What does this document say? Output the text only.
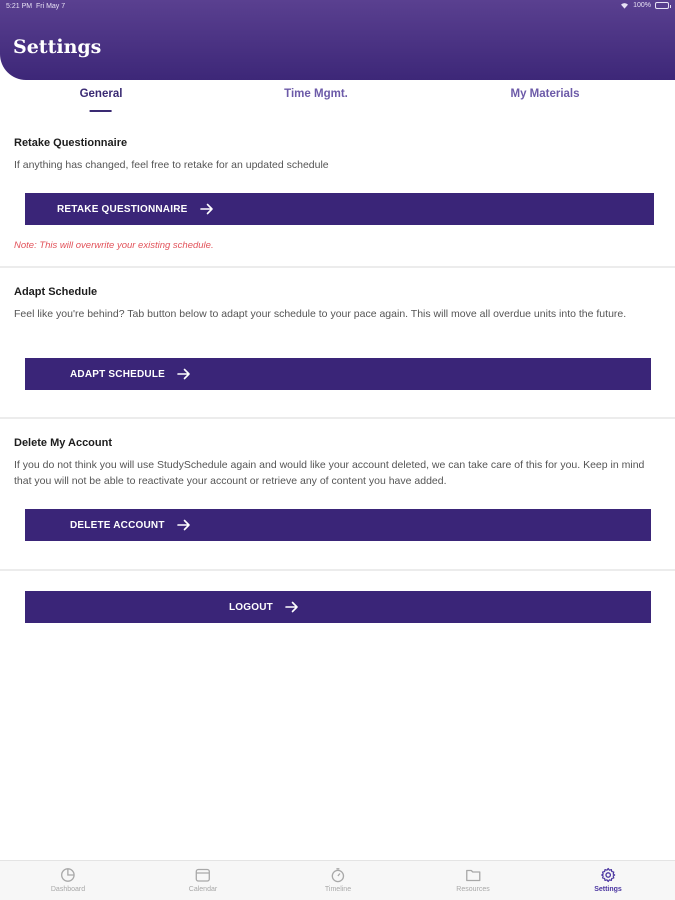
5:21 PM Fri May 7	100%
Settings
General	Time Mgmt.	My Materials
Retake Questionnaire
If anything has changed, feel free to retake for an updated schedule
RETAKE QUESTIONNAIRE
Note: This will overwrite your existing schedule.
Adapt Schedule
Feel like you're behind? Tab button below to adapt your schedule to your pace again. This will move all overdue units into the future.
ADAPT SCHEDULE
Delete My Account
If you do not think you will use StudySchedule again and would like your account deleted, we can take care of this for you. Keep in mind that you will not be able to reactivate your account or retrieve any of content you have added.
DELETE ACCOUNT
LOGOUT
Dashboard	Calendar	Timeline	Resources	Settings
